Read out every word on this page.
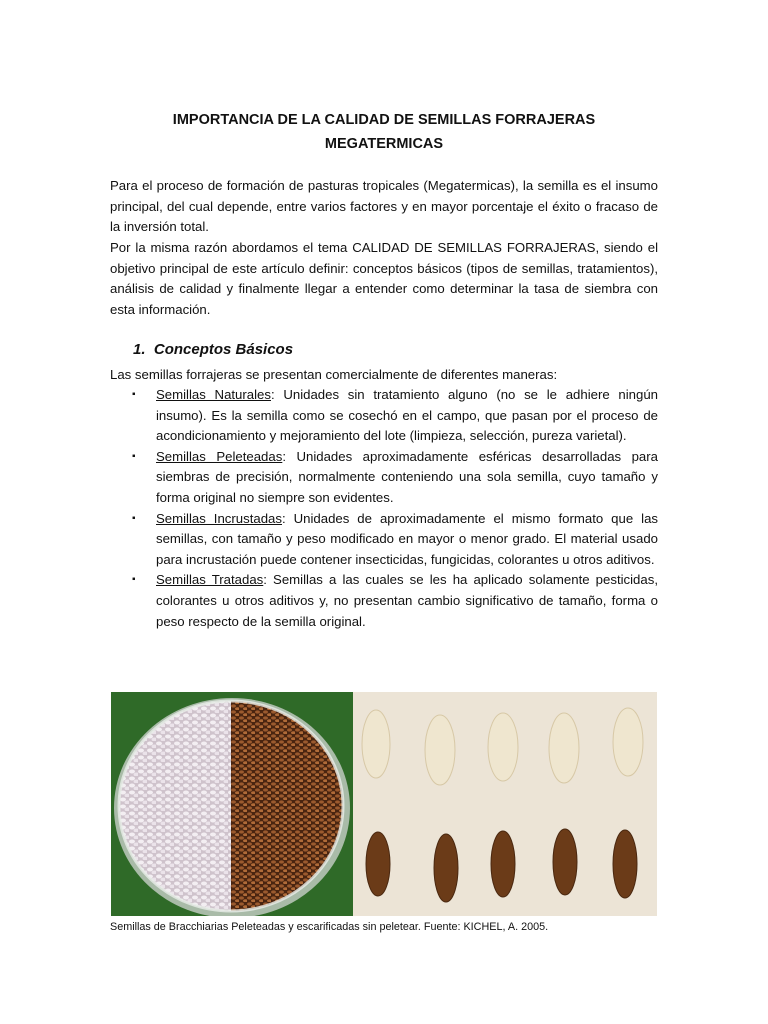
IMPORTANCIA DE LA CALIDAD DE SEMILLAS FORRAJERAS
MEGATERMICAS
Para el proceso de formación de pasturas tropicales (Megatermicas), la semilla es el insumo principal, del cual depende, entre varios factores y en mayor porcentaje el éxito o fracaso de la inversión total.
Por la misma razón abordamos el tema CALIDAD DE SEMILLAS FORRAJERAS, siendo el objetivo principal de este artículo definir: conceptos básicos (tipos de semillas, tratamientos), análisis de calidad y finalmente llegar a entender como determinar la tasa de siembra con esta información.
1. Conceptos Básicos
Las semillas forrajeras se presentan comercialmente de diferentes maneras:
▪ Semillas Naturales: Unidades sin tratamiento alguno (no se le adhiere ningún insumo). Es la semilla como se cosechó en el campo, que pasan por el proceso de acondicionamiento y mejoramiento del lote (limpieza, selección, pureza varietal).
▪ Semillas Peleteadas: Unidades aproximadamente esféricas desarrolladas para siembras de precisión, normalmente conteniendo una sola semilla, cuyo tamaño y forma original no siempre son evidentes.
▪ Semillas Incrustadas: Unidades de aproximadamente el mismo formato que las semillas, con tamaño y peso modificado en mayor o menor grado. El material usado para incrustación puede contener insecticidas, fungicidas, colorantes u otros aditivos.
▪ Semillas Tratadas: Semillas a las cuales se les ha aplicado solamente pesticidas, colorantes u otros aditivos y, no presentan cambio significativo de tamaño, forma o peso respecto de la semilla original.
Semillas de Bracchiarias Peleteadas y escarificadas sin peletear. Fuente: KICHEL, A. 2005.
